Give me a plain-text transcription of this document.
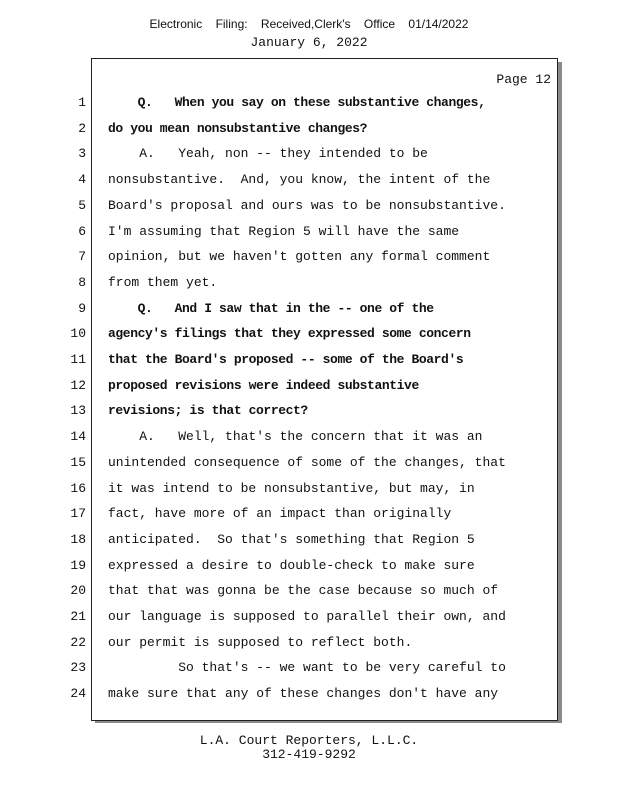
Electronic Filing: Received,Clerk's Office 01/14/2022
January 6, 2022
Page 12
1 Q.   When you say on these substantive changes,
2 do you mean nonsubstantive changes?
3 A.   Yeah, non -- they intended to be
4 nonsubstantive.  And, you know, the intent of the
5 Board's proposal and ours was to be nonsubstantive.
6 I'm assuming that Region 5 will have the same
7 opinion, but we haven't gotten any formal comment
8 from them yet.
9 Q.   And I saw that in the -- one of the
10 agency's filings that they expressed some concern
11 that the Board's proposed -- some of the Board's
12 proposed revisions were indeed substantive
13 revisions; is that correct?
14 A.   Well, that's the concern that it was an
15 unintended consequence of some of the changes, that
16 it was intend to be nonsubstantive, but may, in
17 fact, have more of an impact than originally
18 anticipated.  So that's something that Region 5
19 expressed a desire to double-check to make sure
20 that that was gonna be the case because so much of
21 our language is supposed to parallel their own, and
22 our permit is supposed to reflect both.
23 So that's -- we want to be very careful to
24 make sure that any of these changes don't have any
L.A. Court Reporters, L.L.C.
312-419-9292
